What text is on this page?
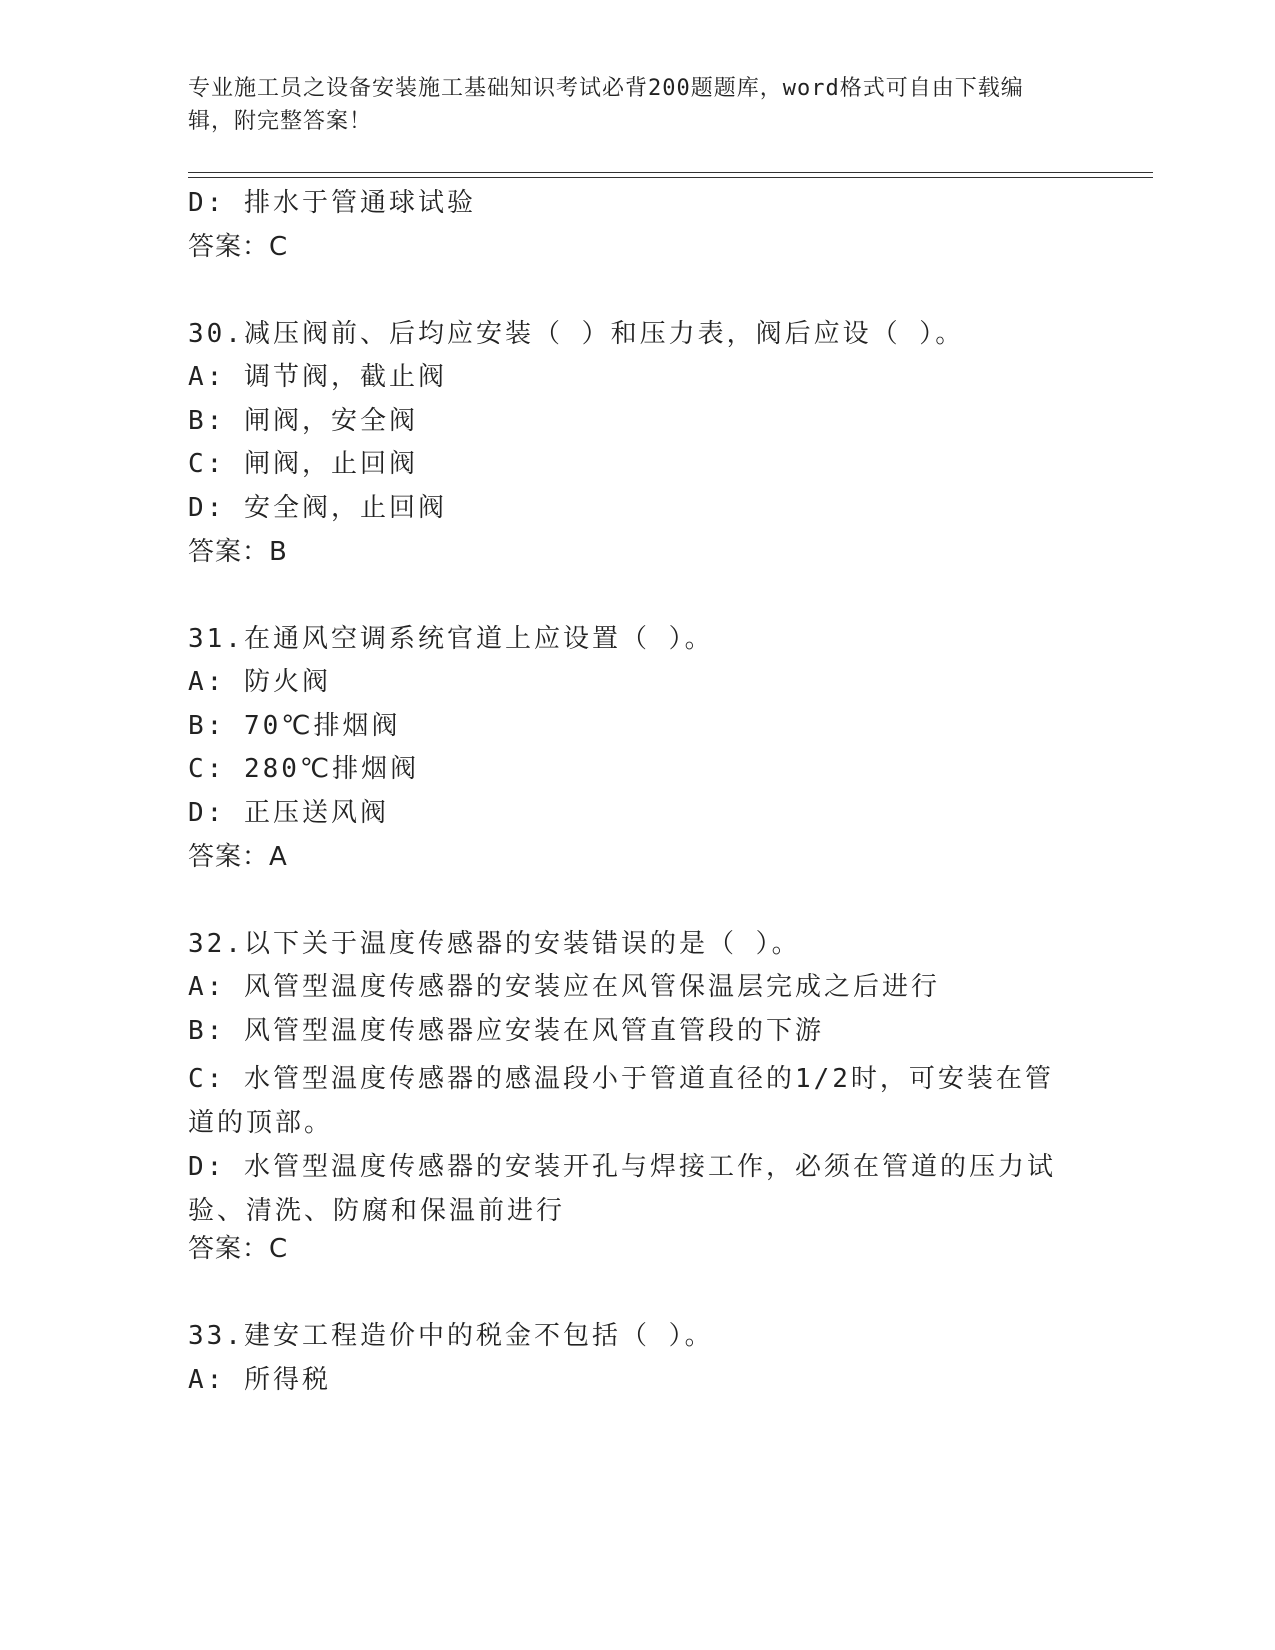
专业施工员之设备安装施工基础知识考试必背200题题库，word格式可自由下载编辑，附完整答案！
D: 排水于管通球试验
答案：C
30.减压阀前、后均应安装（ ）和压力表，阀后应设（ ）。
A: 调节阀，截止阀
B: 闸阀，安全阀
C: 闸阀，止回阀
D: 安全阀，止回阀
答案：B
31.在通风空调系统官道上应设置（ ）。
A: 防火阀
B: 70℃排烟阀
C: 280℃排烟阀
D: 正压送风阀
答案：A
32.以下关于温度传感器的安装错误的是（ ）。
A: 风管型温度传感器的安装应在风管保温层完成之后进行
B: 风管型温度传感器应安装在风管直管段的下游
C: 水管型温度传感器的感温段小于管道直径的1/2时，可安装在管道的顶部。
D: 水管型温度传感器的安装开孔与焊接工作，必须在管道的压力试验、清洗、防腐和保温前进行
答案：C
33.建安工程造价中的税金不包括（ ）。
A: 所得税
